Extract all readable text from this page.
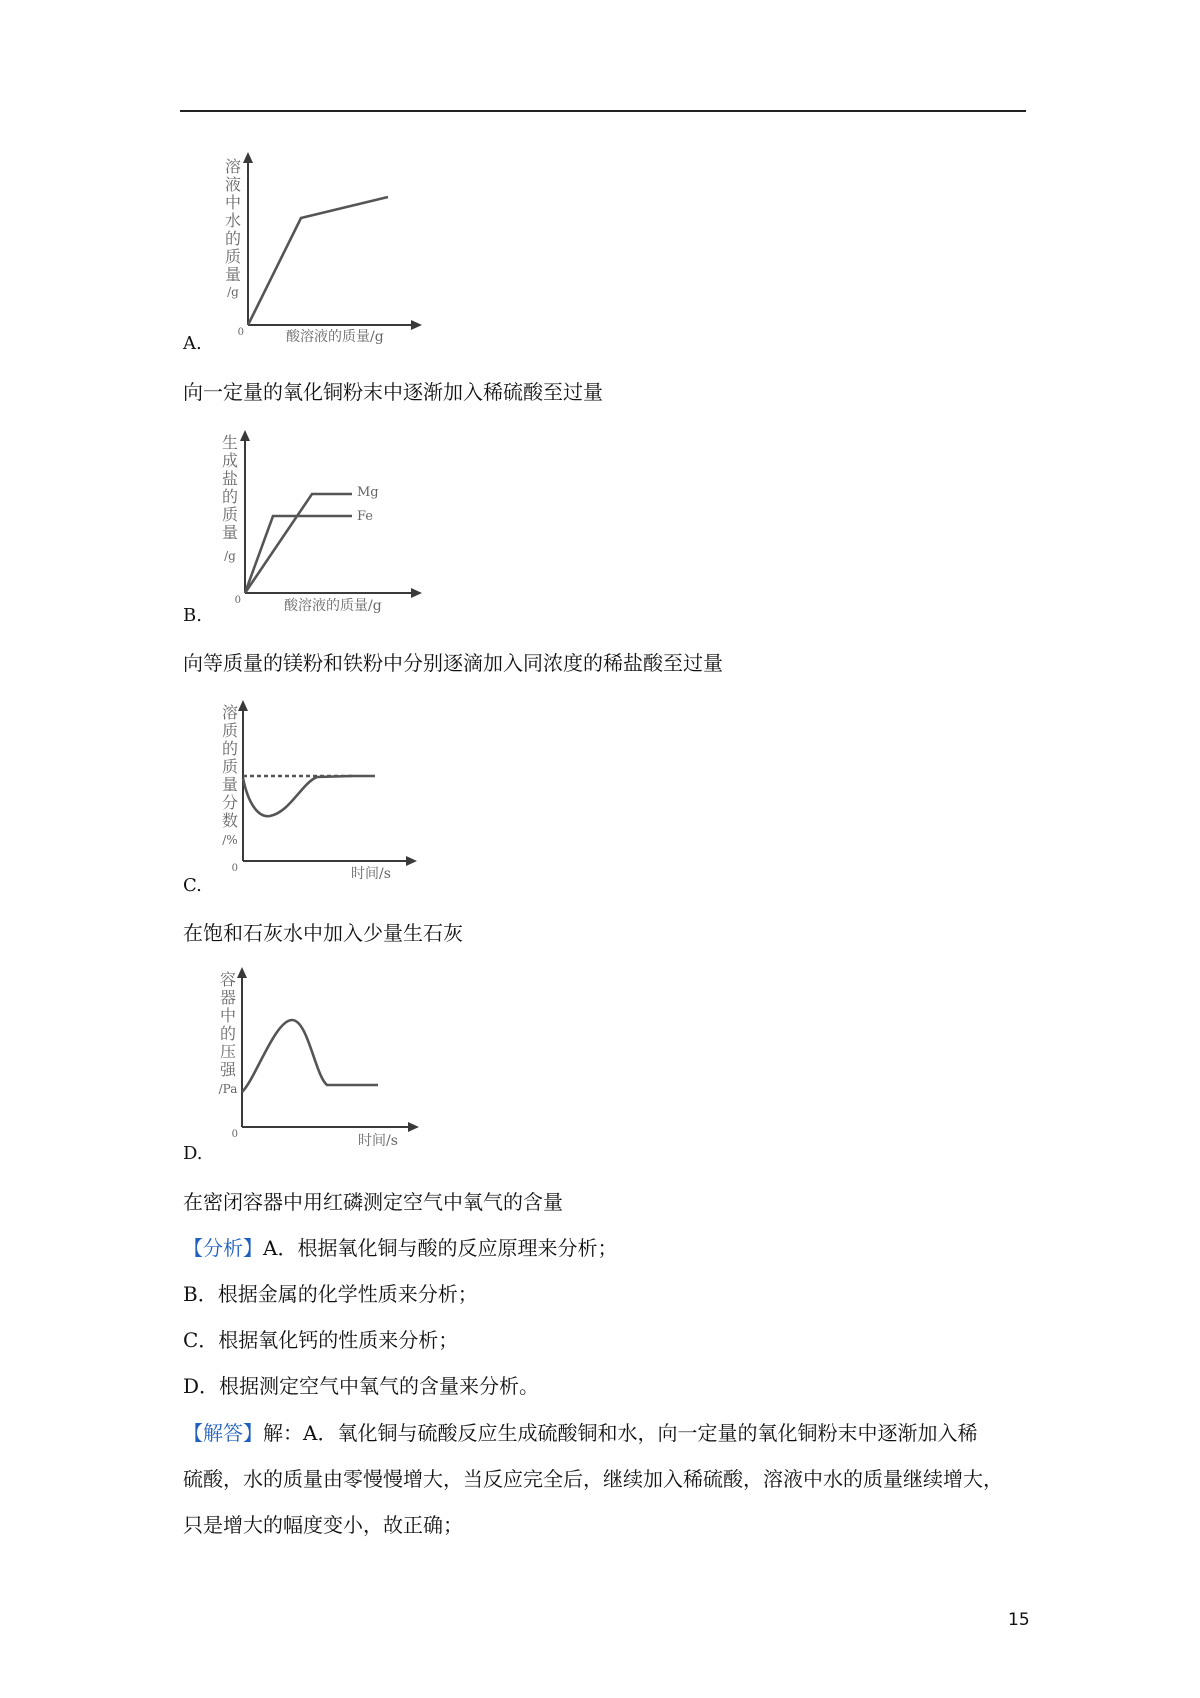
溶
液
中
水
的
质
量
/g
0	酸溶液的质量/g
A.
向一定量的氧化铜粉末中逐渐加入稀硫酸至过量
生
成
盐
的
质
量
/g
0	酸溶液的质量/g
Mg
Fe
B.
向等质量的镁粉和铁粉中分别逐滴加入同浓度的稀盐酸至过量
溶
质
的
质
量
分
数
/%
0	时间/s
C.
在饱和石灰水中加入少量生石灰
容
器
中
的
压
强
/Pa
0	时间/s
D.
在密闭容器中用红磷测定空气中氧气的含量
【分析】A．根据氧化铜与酸的反应原理来分析；
B．根据金属的化学性质来分析；
C．根据氧化钙的性质来分析；
D．根据测定空气中氧气的含量来分析。
【解答】解：A．氧化铜与硫酸反应生成硫酸铜和水，向一定量的氧化铜粉末中逐渐加入稀
硫酸，水的质量由零慢慢增大，当反应完全后，继续加入稀硫酸，溶液中水的质量继续增大，
只是增大的幅度变小，故正确；
15
